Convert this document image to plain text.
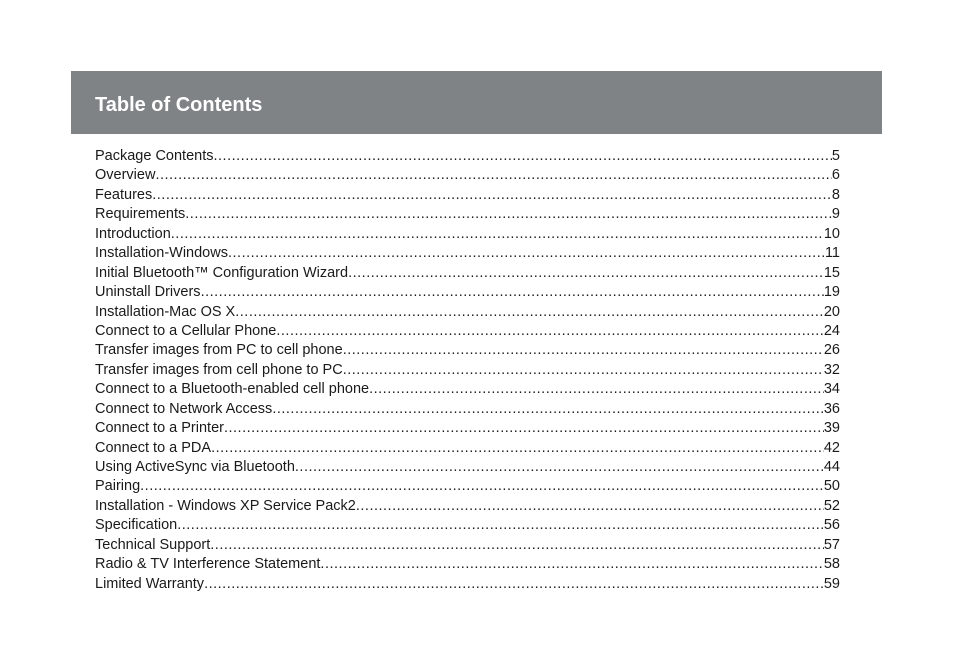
Table of Contents
Package Contents .....	5
Overview .....	6
Features .....	8
Requirements .....	9
Introduction .....	10
Installation-Windows .....	11
Initial Bluetooth™ Configuration Wizard .....	15
Uninstall Drivers .....	19
Installation-Mac OS X .....	20
Connect to a Cellular Phone .....	24
Transfer images from PC to cell phone .....	26
Transfer images from cell phone to PC .....	32
Connect to a Bluetooth-enabled cell phone .....	34
Connect to Network Access .....	36
Connect to a Printer .....	39
Connect to a PDA .....	42
Using ActiveSync via Bluetooth .....	44
Pairing .....	50
Installation - Windows XP Service Pack2 .....	52
Specification .....	56
Technical Support .....	57
Radio & TV Interference Statement .....	58
Limited Warranty .....	59
